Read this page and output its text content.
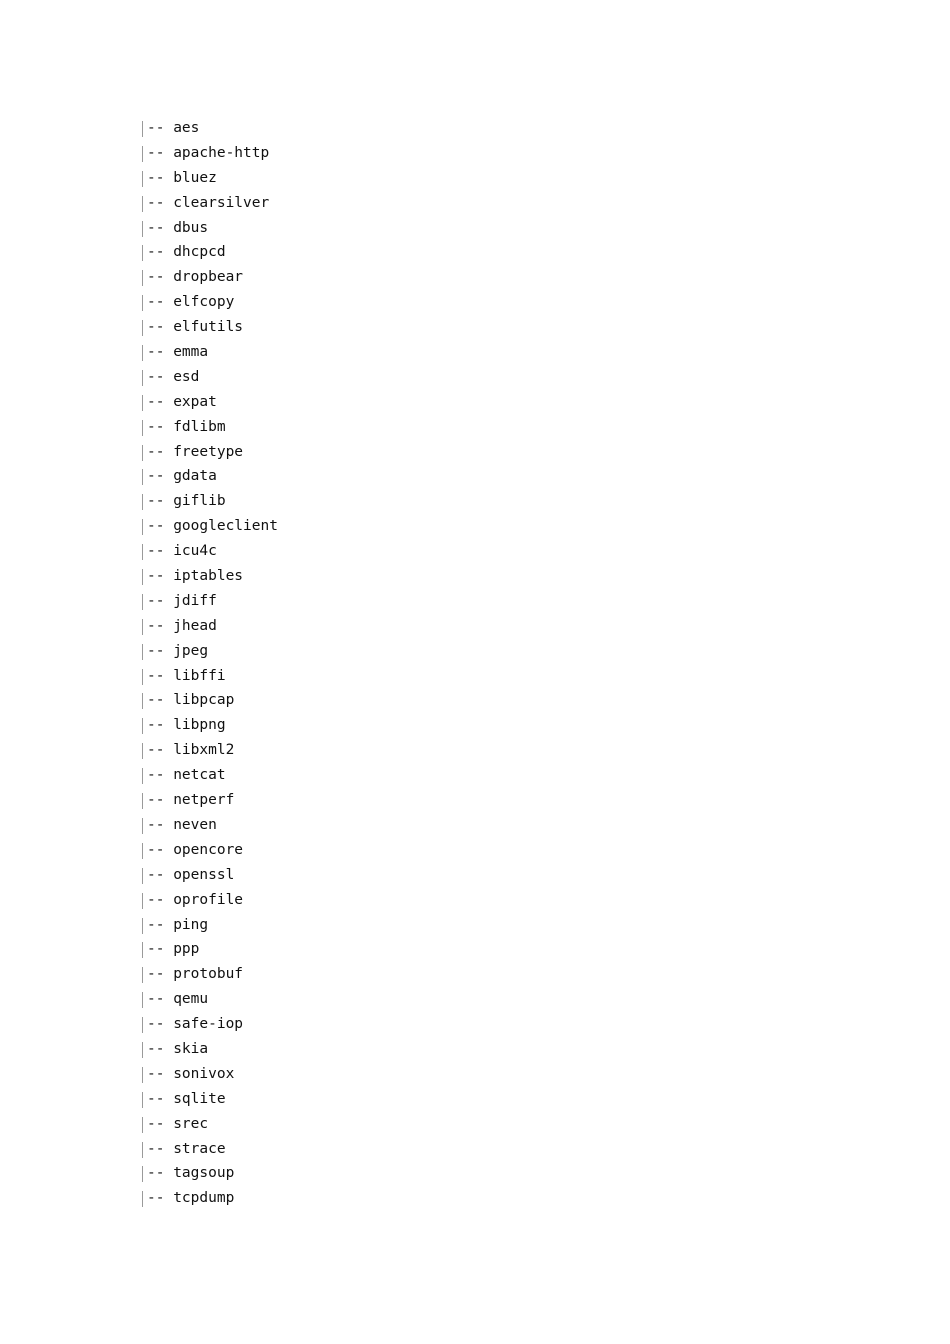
-- aes
-- apache-http
-- bluez
-- clearsilver
-- dbus
-- dhcpcd
-- dropbear
-- elfcopy
-- elfutils
-- emma
-- esd
-- expat
-- fdlibm
-- freetype
-- gdata
-- giflib
-- googleclient
-- icu4c
-- iptables
-- jdiff
-- jhead
-- jpeg
-- libffi
-- libpcap
-- libpng
-- libxml2
-- netcat
-- netperf
-- neven
-- opencore
-- openssl
-- oprofile
-- ping
-- ppp
-- protobuf
-- qemu
-- safe-iop
-- skia
-- sonivox
-- sqlite
-- srec
-- strace
-- tagsoup
-- tcpdump
